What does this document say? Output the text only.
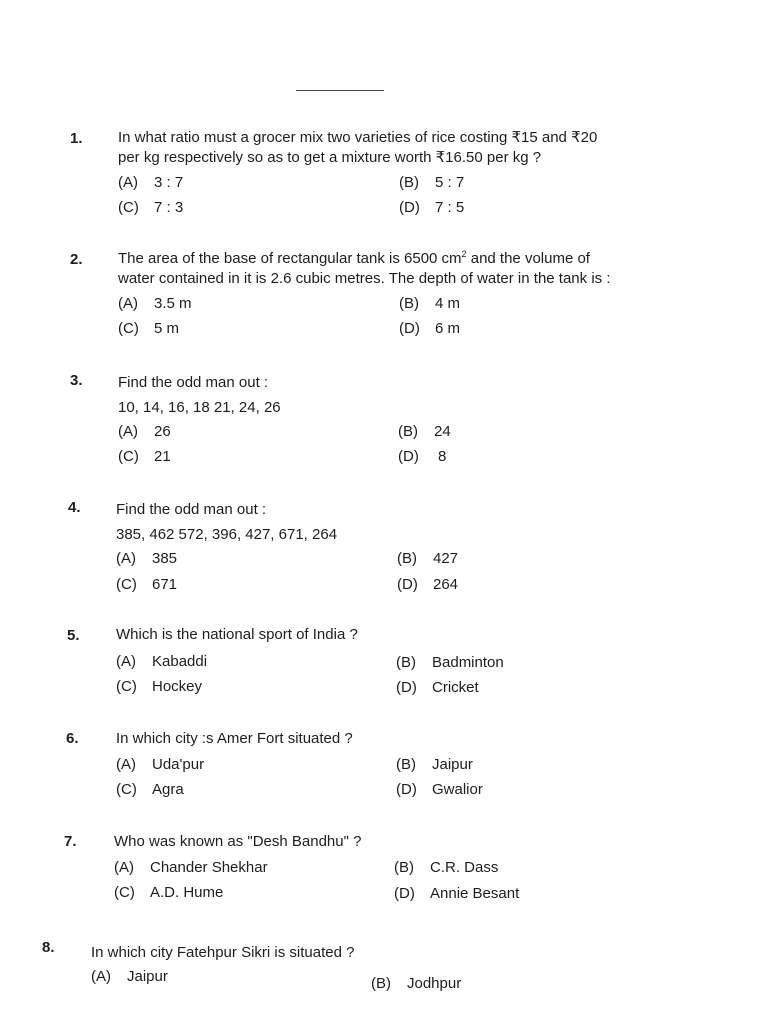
1. In what ratio must a grocer mix two varieties of rice costing ₹15 and ₹20
per kg respectively so as to get a mixture worth ₹16.50 per kg ?
(A) 3 : 7	(B) 5 : 7
(C) 7 : 3	(D) 7 : 5
2. The area of the base of rectangular tank is 6500 $cm^2$ and the volume of
water contained in it is 2.6 cubic metres. The depth of water in the tank is :
(A) 3.5 m	(B) 4 m
(C) 5 m	(D) 6 m
3. Find the odd man out :
10, 14, 16, 18 21, 24, 26
(A) 26	(B) 24
(C) 21	(D) 8
4. Find the odd man out :
385, 462 572, 396, 427, 671, 264
(A) 385	(B) 427
(C) 671	(D) 264
5. Which is the national sport of India ?
(A) Kabaddi	(B) Badminton
(C) Hockey	(D) Cricket
6. In which city :s Amer Fort situated ?
(A) Uda'pur	(B) Jaipur
(C) Agra	(D) Gwalior
7. Who was known as "Desh Bandhu" ?
(A) Chander Shekhar	(B) C.R. Dass
(C) A.D. Hume	(D) Annie Besant
8. In which city Fatehpur Sikri is situated ?
(A) Jaipur	(B) Jodhpur
